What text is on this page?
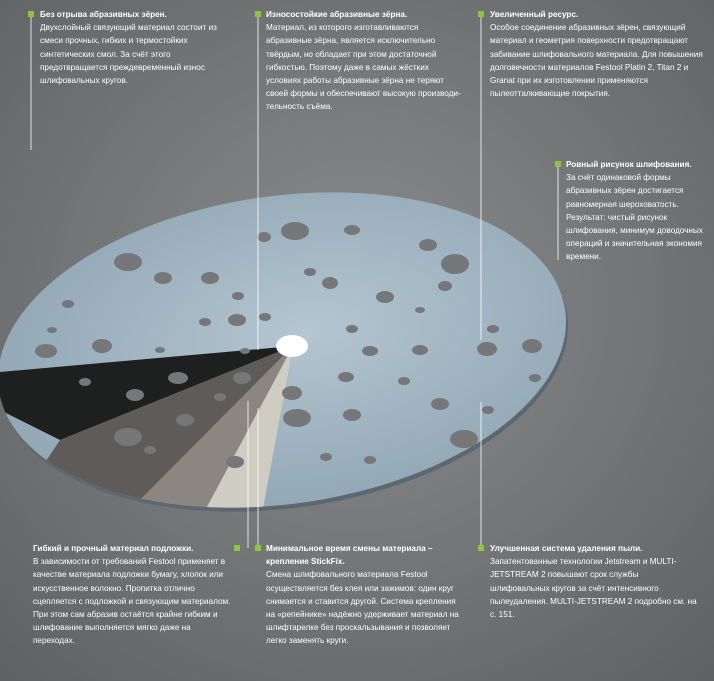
Без отрыва абразивных зёрен.
Двухслойный связующий материал состоит из смеси прочных, гибких и термостойких синтетических смол. За счёт этого предотвращается преждевременный износ шлифовальных кругов.
Износостойкие абразивные зёрна.
Материал, из которого изготавливаются абразивные зёрна, является исключительно твёрдым, но обладает при этом достаточной гибкостью. Поэтому даже в самых жёстких условиях работы абразивные зёрна не теряют своей формы и обеспечивают высокую производительность съёма.
Увеличенный ресурс.
Особое соединение абразивных зёрен, связующий материал и геометрия поверхности предотвращают забивание шлифовального материала. Для повышения долговечности материалов Festool Platin 2, Titan 2 и Granat при их изготовлении применяются пылеотталкивающие покрытия.
Ровный рисунок шлифования.
За счёт одинаковой формы абразивных зёрен достигается равномерная шероховатость. Результат: чистый рисунок шлифования, минимум доводочных операций и значительная экономия времени.
Гибкий и прочный материал подложки.
В зависимости от требований Festool применяет в качестве материала подложки бумагу, хлопок или искусственное волокно. Пропитка отлично сцепляется с подложкой и связующим материалом. При этом сам абразив остаётся крайне гибким и шлифование выполняется мягко даже на переходах.
Минимальное время смены материала – крепление StickFix.
Смена шлифовального материала Festool осуществляется без клея или зажимов: один круг снимается и ставится другой. Система крепления на «репейнике» надёжно удерживает материал на шлифтарелке без проскальзывания и позволяет легко заменять круги.
Улучшенная система удаления пыли.
Запатентованные технологии Jetstream и MULTI-JETSTREAM 2 повышают срок службы шлифовальных кругов за счёт интенсивного пылеудаления. MULTI-JETSTREAM 2 подробно см. на с. 151.
